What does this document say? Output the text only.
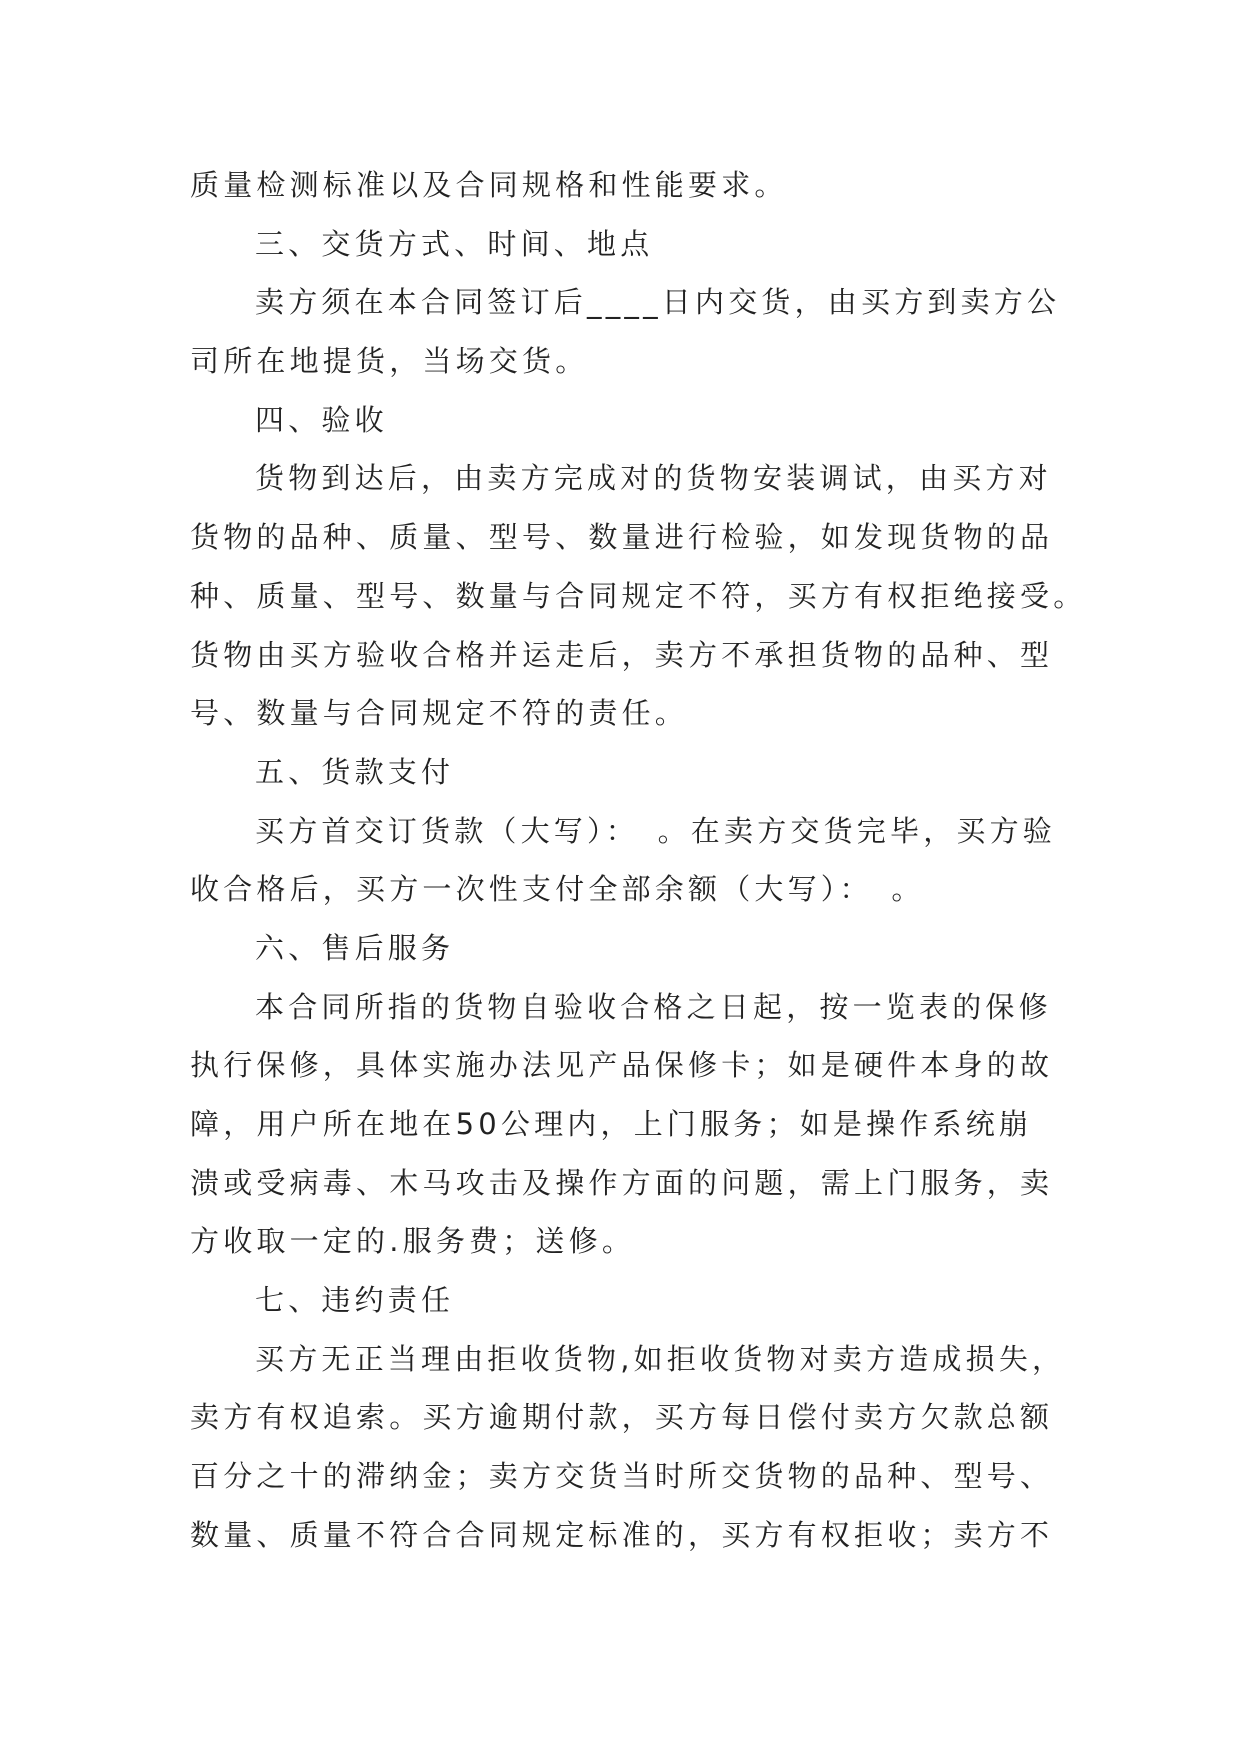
质量检测标准以及合同规格和性能要求。
三、交货方式、时间、地点
卖方须在本合同签订后____日内交货，由买方到卖方公
司所在地提货，当场交货。
四、验收
货物到达后，由卖方完成对的货物安装调试，由买方对
货物的品种、质量、型号、数量进行检验，如发现货物的品
种、质量、型号、数量与合同规定不符，买方有权拒绝接受。
货物由买方验收合格并运走后，卖方不承担货物的品种、型
号、数量与合同规定不符的责任。
五、货款支付
买方首交订货款（大写）：　。在卖方交货完毕，买方验
收合格后，买方一次性支付全部余额（大写）：　。
六、售后服务
本合同所指的货物自验收合格之日起，按一览表的保修
执行保修，具体实施办法见产品保修卡；如是硬件本身的故
障，用户所在地在50公理内，上门服务；如是操作系统崩
溃或受病毒、木马攻击及操作方面的问题，需上门服务，卖
方收取一定的.服务费；送修。
七、违约责任
买方无正当理由拒收货物,如拒收货物对卖方造成损失，
卖方有权追索。买方逾期付款，买方每日偿付卖方欠款总额
百分之十的滞纳金；卖方交货当时所交货物的品种、型号、
数量、质量不符合合同规定标准的，买方有权拒收；卖方不
